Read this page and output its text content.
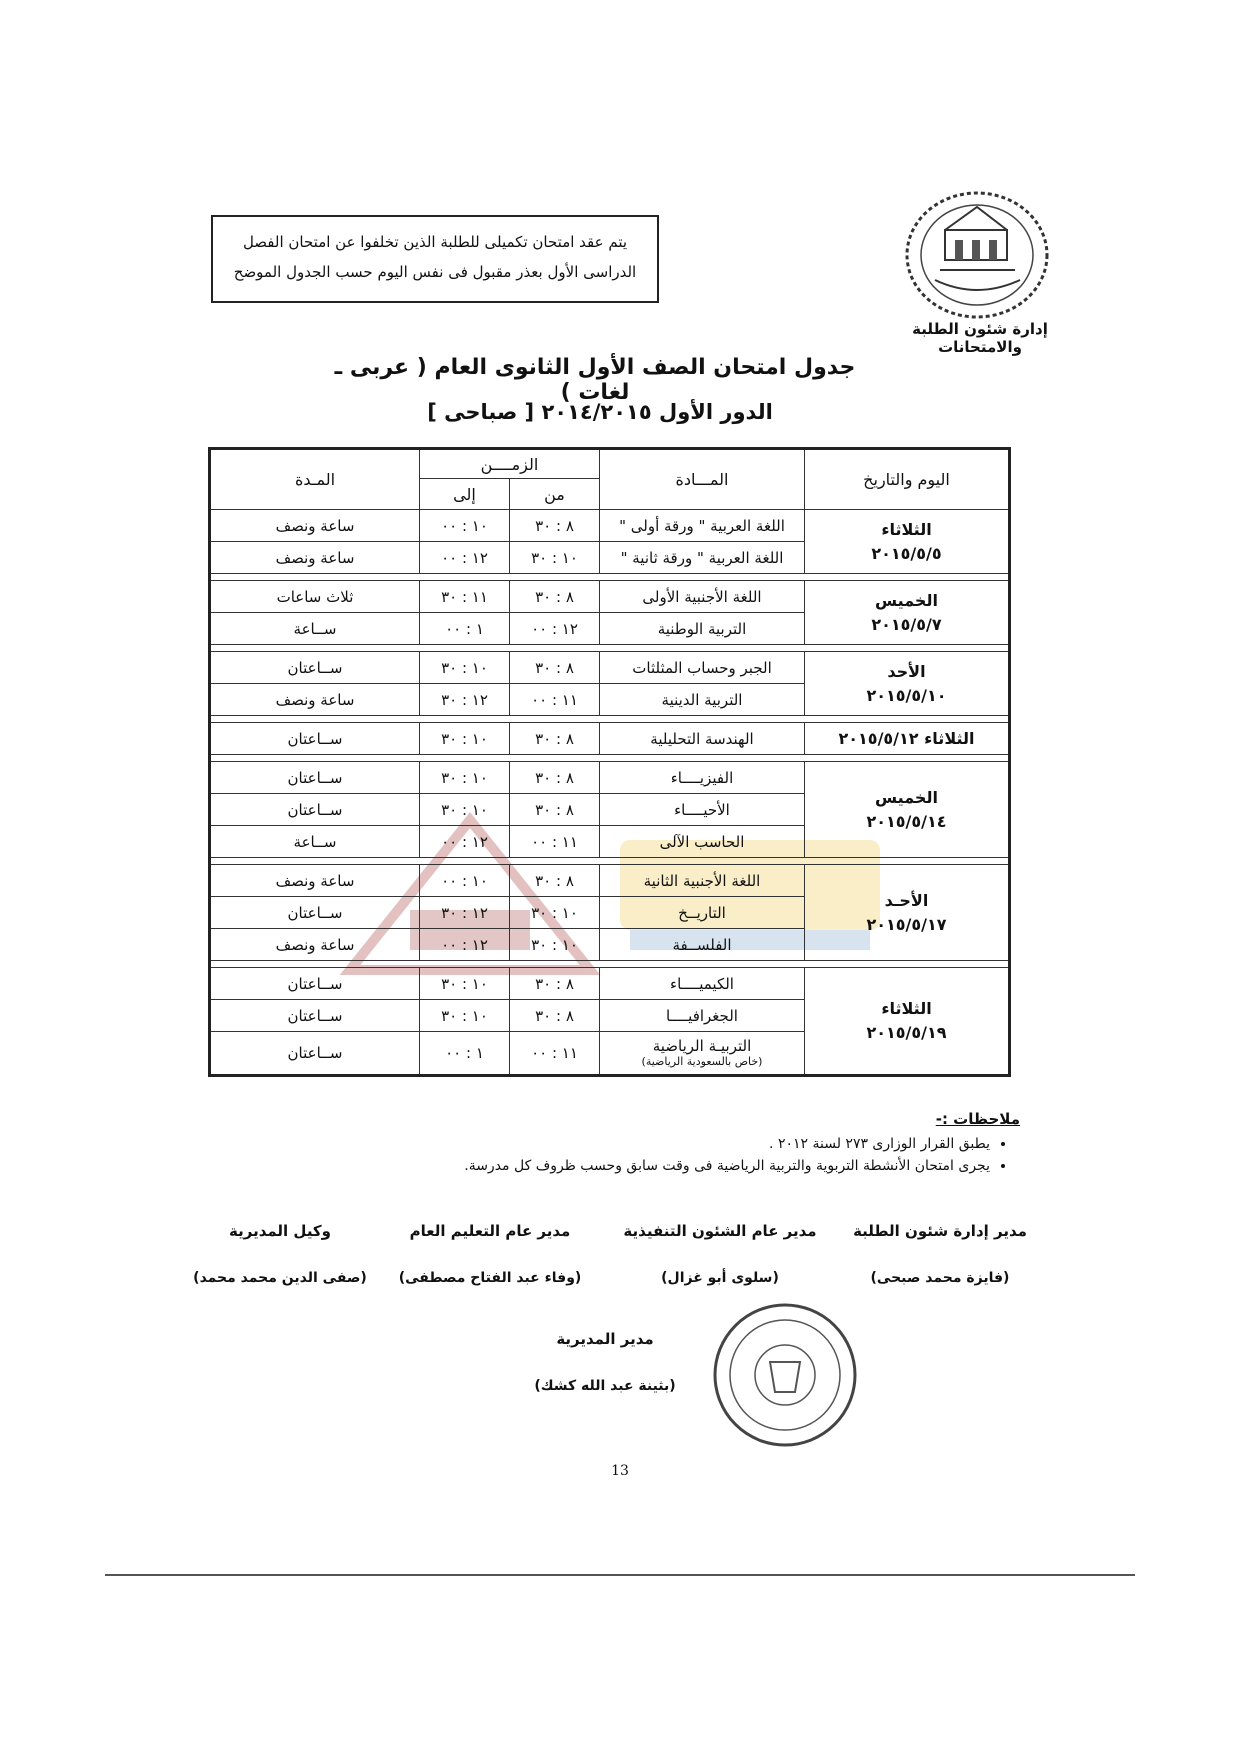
يتم عقد امتحان تكميلى للطلبة الذين تخلفوا عن امتحان الفصل
الدراسى الأول بعذر مقبول فى نفس اليوم حسب الجدول الموضح
إدارة شئون الطلبة والامتحانات
جدول امتحان الصف الأول الثانوى العام ( عربى ـ لغات )
الدور الأول ٢٠١٤/٢٠١٥ [ صباحى ]
اليوم والتاريخ	المـــادة	الزمــــن		المـدة
		من	إلى	

الثلاثاء
٢٠١٥/٥/٥	اللغة العربية " ورقة أولى "	٨ : ٣٠	١٠ : ٠٠	ساعة ونصف
	اللغة العربية " ورقة ثانية "	١٠ : ٣٠	١٢ : ٠٠	ساعة ونصف

الخميس
٢٠١٥/٥/٧	اللغة الأجنبية الأولى	٨ : ٣٠	١١ : ٣٠	ثلاث ساعات
	التربية الوطنية	١٢ : ٠٠	١ : ٠٠	ســاعة

الأحد
٢٠١٥/٥/١٠	الجبر وحساب المثلثات	٨ : ٣٠	١٠ : ٣٠	ســاعتان
	التربية الدينية	١١ : ٠٠	١٢ : ٣٠	ساعة ونصف

الثلاثاء ٢٠١٥/٥/١٢	الهندسة التحليلية	٨ : ٣٠	١٠ : ٣٠	ســاعتان

الخميس
٢٠١٥/٥/١٤	الفيزيــــاء	٨ : ٣٠	١٠ : ٣٠	ســاعتان
	الأحيــــاء	٨ : ٣٠	١٠ : ٣٠	ســاعتان
	الحاسب الآلى	١١ : ٠٠	١٢ : ٠٠	ســاعة

الأحـد
٢٠١٥/٥/١٧	اللغة الأجنبية الثانية	٨ : ٣٠	١٠ : ٠٠	ساعة ونصف
	التاريــخ	١٠ : ٣٠	١٢ : ٣٠	ســاعتان
	الفلســفة	١٠ : ٣٠	١٢ : ٠٠	ساعة ونصف

الثلاثاء
٢٠١٥/٥/١٩	الكيميــــاء	٨ : ٣٠	١٠ : ٣٠	ســاعتان
	الجغرافيــــا	٨ : ٣٠	١٠ : ٣٠	ســاعتان
	التربيـة الرياضية
(خاص بالسعودية الرياضية)	١١ : ٠٠	١ : ٠٠	ســاعتان
ملاحظات :-
• يطبق القرار الوزارى ٢٧٣ لسنة ٢٠١٢ .
• يجرى امتحان الأنشطة التربوية والتربية الرياضية فى وقت سابق وحسب ظروف كل مدرسة.
مدير إدارة شئون الطلبة
(فايزة محمد صبحى)
مدير عام الشئون التنفيذية
(سلوى أبو غزال)
مدير عام التعليم العام
(وفاء عبد الفتاح مصطفى)
وكيل المديرية
(صفى الدين محمد محمد)
مدير المديرية
(بثينة عبد الله كشك)
13
